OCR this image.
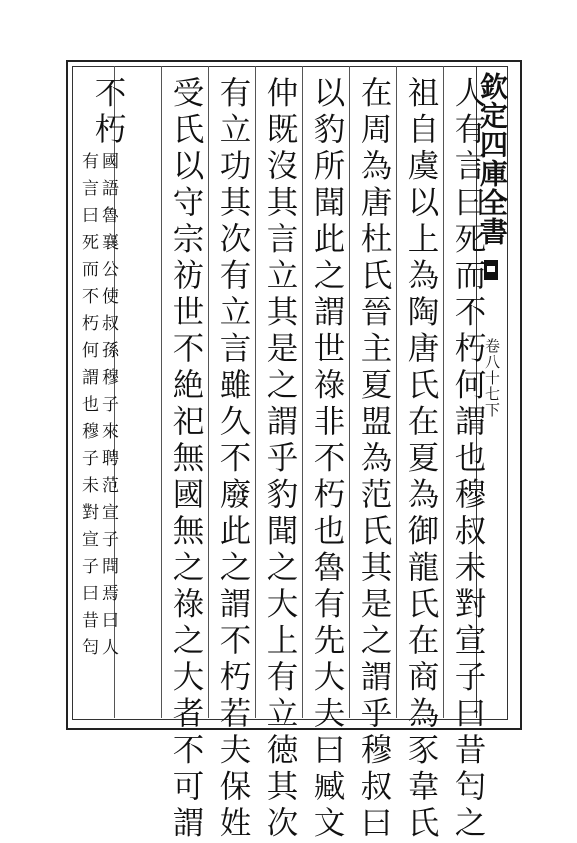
欽定四庫全書
卷八十七下
人有言曰死而不朽何謂也穆叔未對宣子曰昔匄之
祖自虞以上為陶唐氏在夏為御龍氏在商為豕韋氏
在周為唐杜氏晉主夏盟為范氏其是之謂乎穆叔曰
以豹所聞此之謂世祿非不朽也魯有先大夫曰臧文
仲既沒其言立其是之謂乎豹聞之大上有立徳其次
有立功其次有立言雖久不廢此之謂不朽若夫保姓
受氏以守宗祊世不絶祀無國無之祿之大者不可謂
不朽
國語魯襄公使叔孫穆子來聘范宣子問焉曰人
有言曰死而不朽何謂也穆子未對宣子曰昔匄
